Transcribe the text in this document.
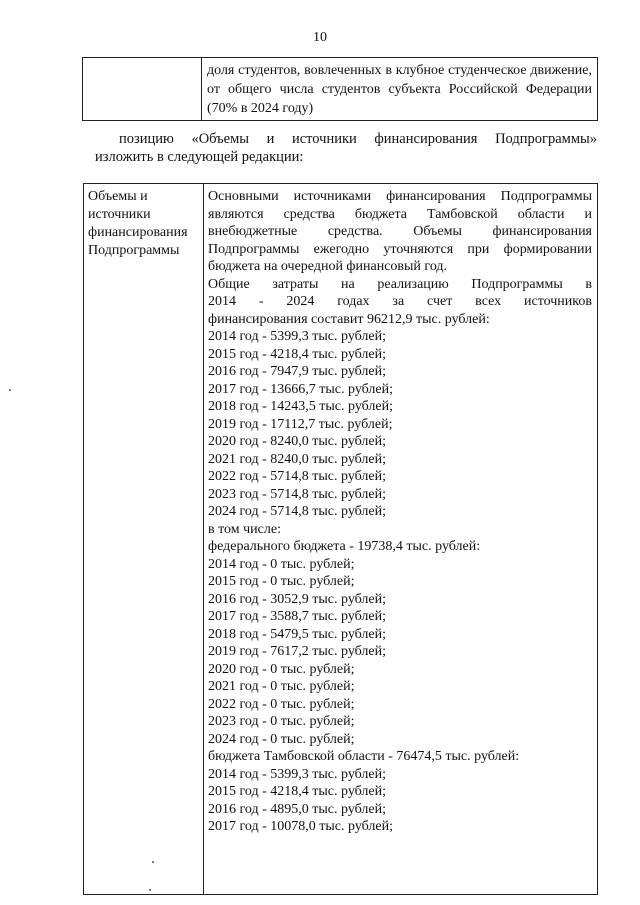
10
доля студентов, вовлеченных в клубное студенческое движение, от общего числа студентов субъекта Российской Федерации (70% в 2024 году)
позицию «Объемы и источники финансирования Подпрограммы»
изложить в следующей редакции:
Объемы и
источники
финансирования
Подпрограммы
Основными источниками финансирования Подпрограммы
являются средства бюджета Тамбовской области и
внебюджетные средства. Объемы финансирования
Подпрограммы ежегодно уточняются при формировании
бюджета на очередной финансовый год.
Общие затраты на реализацию Подпрограммы в
2014 - 2024 годах за счет всех источников
финансирования составит 96212,9 тыс. рублей:
2014 год - 5399,3 тыс. рублей;
2015 год - 4218,4 тыс. рублей;
2016 год - 7947,9 тыс. рублей;
2017 год - 13666,7 тыс. рублей;
2018 год - 14243,5 тыс. рублей;
2019 год - 17112,7 тыс. рублей;
2020 год - 8240,0 тыс. рублей;
2021 год - 8240,0 тыс. рублей;
2022 год - 5714,8 тыс. рублей;
2023 год - 5714,8 тыс. рублей;
2024 год - 5714,8 тыс. рублей;
в том числе:
федерального бюджета - 19738,4 тыс. рублей:
2014 год - 0 тыс. рублей;
2015 год - 0 тыс. рублей;
2016 год - 3052,9 тыс. рублей;
2017 год - 3588,7 тыс. рублей;
2018 год - 5479,5 тыс. рублей;
2019 год - 7617,2 тыс. рублей;
2020 год - 0 тыс. рублей;
2021 год - 0 тыс. рублей;
2022 год - 0 тыс. рублей;
2023 год - 0 тыс. рублей;
2024 год - 0 тыс. рублей;
бюджета Тамбовской области - 76474,5 тыс. рублей:
2014 год - 5399,3 тыс. рублей;
2015 год - 4218,4 тыс. рублей;
2016 год - 4895,0 тыс. рублей;
2017 год - 10078,0 тыс. рублей;
